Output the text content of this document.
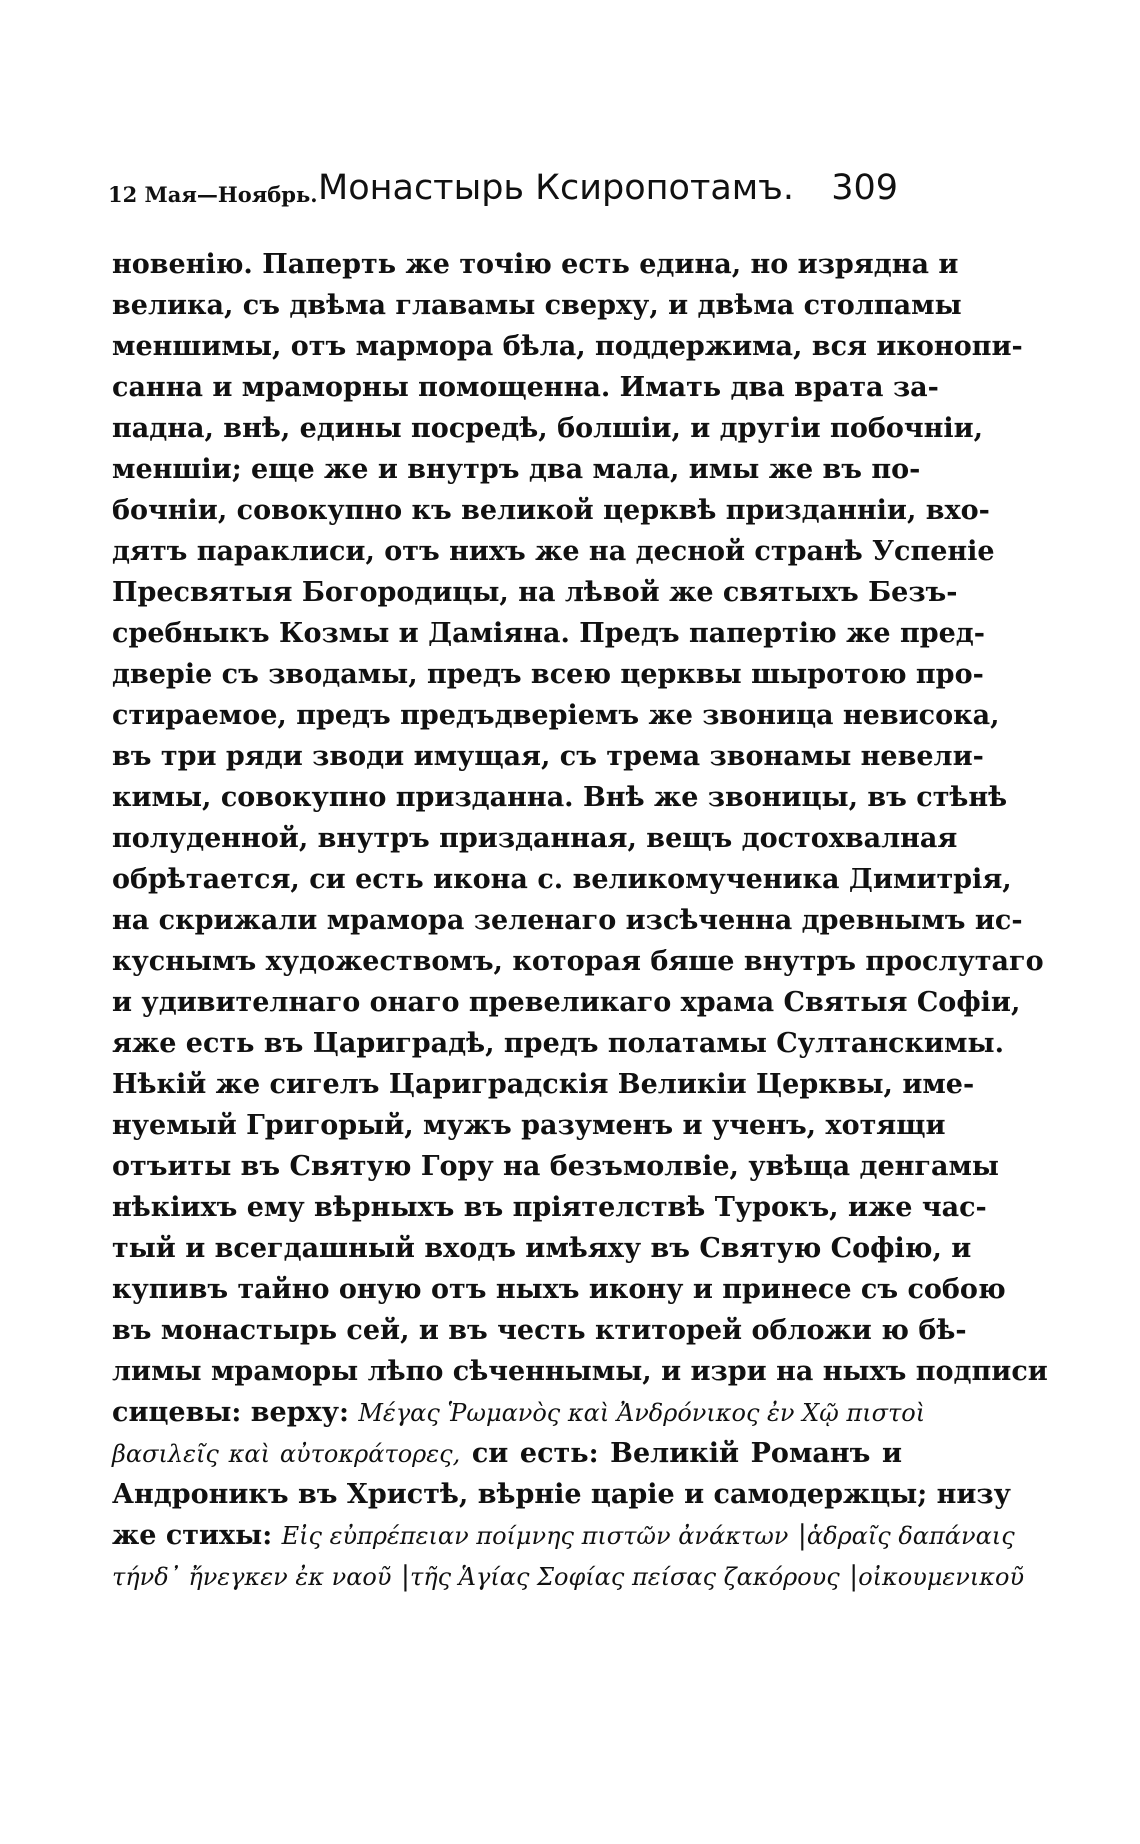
12 Мая—Ноябрь. Монастырь Ксиропотамъ. 309
новенію. Паперть же точію есть едина, но изрядна и
велика, съ двѣма главамы сверху, и двѣма столпамы
меншимы, отъ мармора бѣла, поддержима, вся иконопи-
санна и мраморны помощенна. Имать два врата за-
падна, внѣ, едины посредѣ, болшіи, и другіи побочніи,
меншіи; еще же и внутръ два мала, имы же въ по-
бочніи, совокупно къ великой церквѣ призданніи, вхо-
дятъ параклиси, отъ нихъ же на десной странѣ Успеніе
Пресвятыя Богородицы, на лѣвой же святыхъ Безъ-
сребныкъ Козмы и Даміяна. Предъ папертію же пред-
дверіе съ зводамы, предъ всею церквы шыротою про-
стираемое, предъ предъдверіемъ же звоница невисока,
въ три ряди зводи имущая, съ трема звонамы невели-
кимы, совокупно призданна. Внѣ же звоницы, въ стѣнѣ
полуденной, внутръ призданная, вещъ достохвалная
обрѣтается, си есть икона с. великомученика Димитрія,
на скрижали мрамора зеленаго изсѣченна древнымъ ис-
куснымъ художествомъ, которая бяше внутръ прослутаго
и удивителнаго онаго превеликаго храма Святыя Софіи,
яже есть въ Цариградѣ, предъ полатамы Султанскимы.
Нѣкій же сигелъ Цариградскія Великіи Церквы, име-
нуемый Григорый, мужъ разуменъ и ученъ, хотящи
отъиты въ Святую Гору на безъмолвіе, увѣща денгамы
нѣкіихъ ему вѣрныхъ въ пріятелствѣ Турокъ, иже час-
тый и всегдашный входъ имѣяху въ Святую Софію, и
купивъ тайно оную отъ ныхъ икону и принесе съ собою
въ монастырь сей, и въ честь ктиторей обложи ю бѣ-
лимы мраморы лѣпо сѣченнымы, и изри на ныхъ подписи
сицевы: верху: Μέγας Ῥωμανὸς καὶ Ἀνδρόνικος ἐν Χῷ πιστοὶ
βασιλεῖς καὶ αὐτοκράτορες, си есть: Великій Романъ и
Андроникъ въ Христѣ, вѣрніе царіе и самодержцы; низу
же стихы: Εἰς εὐπρέπειαν ποίμνης πιστῶν ἀνάκτων |ἁδραῖς δαπάναις
τήνδ᾽ ἤνεγκεν ἐκ ναοῦ |τῆς Ἁγίας Σοφίας πείσας ζακόρους |οἰκουμενικοῦ
